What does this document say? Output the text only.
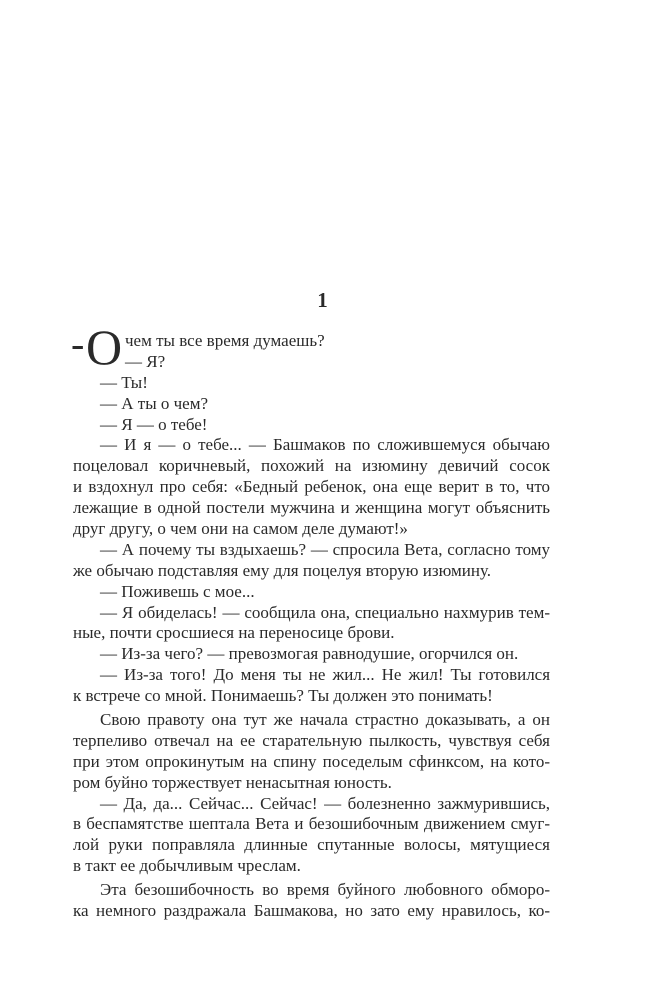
1
- О чем ты все время думаешь?
— Я?
— Ты!
— А ты о чем?
— Я — о тебе!
— И я — о тебе... — Башмаков по сложившемуся обычаю
поцеловал коричневый, похожий на изюмину девичий сосок
и вздохнул про себя: «Бедный ребенок, она еще верит в то, что
лежащие в одной постели мужчина и женщина могут объяснить
друг другу, о чем они на самом деле думают!»
— А почему ты вздыхаешь? — спросила Вета, согласно тому
же обычаю подставляя ему для поцелуя вторую изюмину.
— Поживешь с мое...
— Я обиделась! — сообщила она, специально нахмурив тем-
ные, почти сросшиеся на переносице брови.
— Из-за чего? — превозмогая равнодушие, огорчился он.
— Из-за того! До меня ты не жил... Не жил! Ты готовился
к встрече со мной. Понимаешь? Ты должен это понимать!
Свою правоту она тут же начала страстно доказывать, а он
терпеливо отвечал на ее старательную пылкость, чувствуя себя
при этом опрокинутым на спину поседелым сфинксом, на кото-
ром буйно торжествует ненасытная юность.
— Да, да... Сейчас... Сейчас! — болезненно зажмурившись,
в беспамятстве шептала Вета и безошибочным движением смуг-
лой руки поправляла длинные спутанные волосы, мятущиеся
в такт ее добычливым чреслам.
Эта безошибочность во время буйного любовного обморо-
ка немного раздражала Башмакова, но зато ему нравилось, ко-
